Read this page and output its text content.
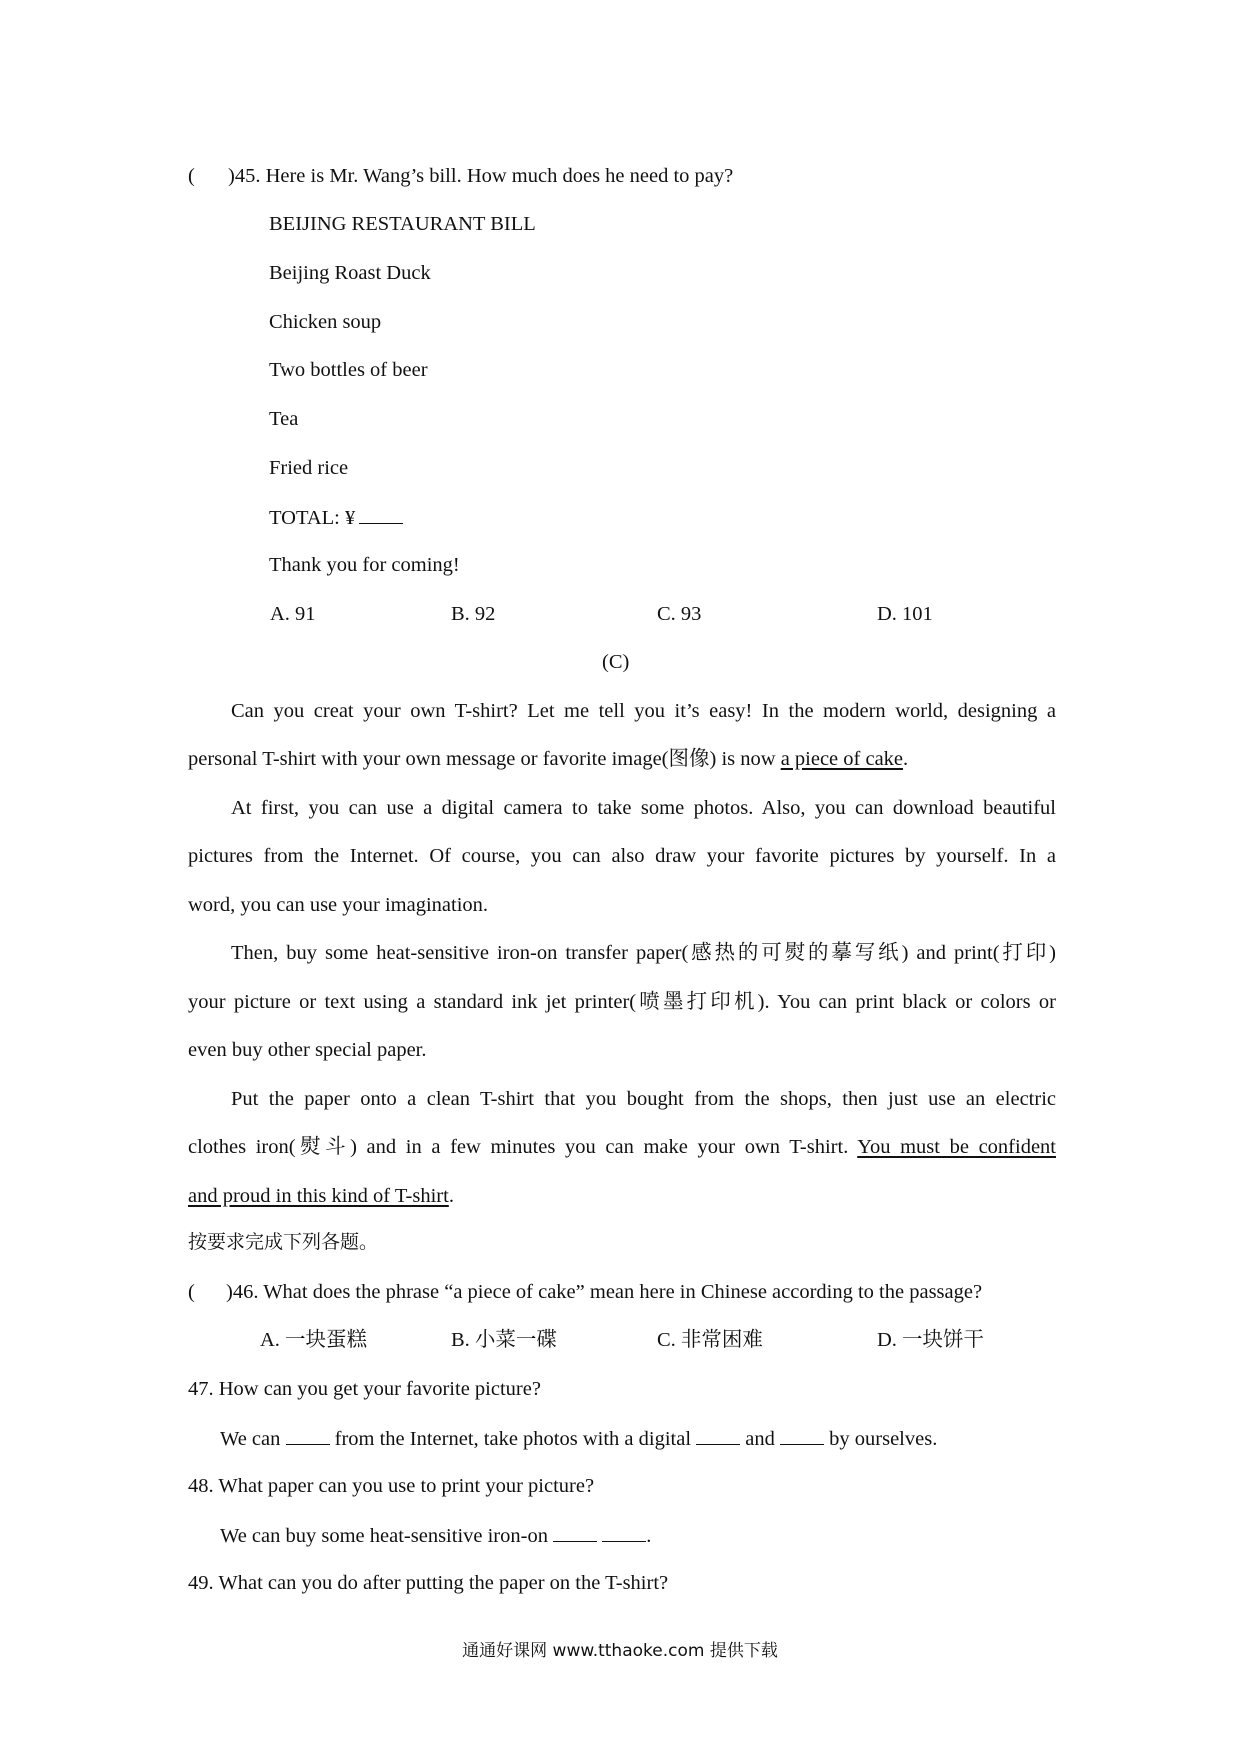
( )45. Here is Mr. Wang’s bill. How much does he need to pay?
BEIJING RESTAURANT BILL
Beijing Roast Duck
Chicken soup
Two bottles of beer
Tea
Fried rice
TOTAL: ¥
Thank you for coming!
A. 91	B. 92	C. 93	D. 101
(C)
Can you creat your own T-shirt? Let me tell you it’s easy! In the modern world, designing a
personal T-shirt with your own message or favorite image(图像) is now a piece of cake.
At first, you can use a digital camera to take some photos. Also, you can download beautiful
pictures from the Internet. Of course, you can also draw your favorite pictures by yourself. In a
word, you can use your imagination.
Then, buy some heat-sensitive iron-on transfer paper(感热的可熨的摹写纸) and print(打印)
your picture or text using a standard ink jet printer(喷墨打印机). You can print black or colors or
even buy other special paper.
Put the paper onto a clean T-shirt that you bought from the shops, then just use an electric
clothes iron(熨斗) and in a few minutes you can make your own T-shirt. You must be confident
and proud in this kind of T-shirt.
按要求完成下列各题。
( )46. What does the phrase “a piece of cake” mean here in Chinese according to the passage?
A. 一块蛋糕	B. 小菜一碟	C. 非常困难	D. 一块饼干
47. How can you get your favorite picture?
We can  from the Internet, take photos with a digital  and  by ourselves.
48. What paper can you use to print your picture?
We can buy some heat-sensitive iron-on	.
49. What can you do after putting the paper on the T-shirt?
通通好课网 www.tthaoke.com 提供下载
